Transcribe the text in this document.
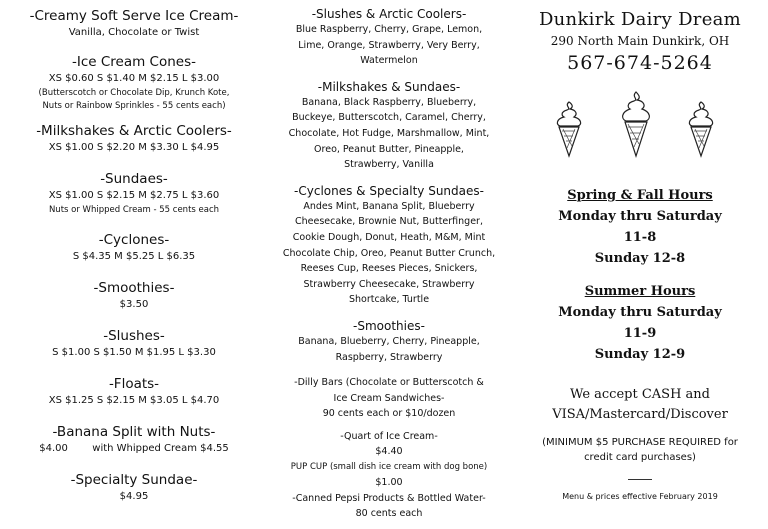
-Creamy Soft Serve Ice Cream-

Vanilla, Chocolate or Twist

-Ice Cream Cones-

XS $0.60 S $1.40 M $2.15 L $3.00

(Butterscotch or Chocolate Dip, Krunch Kote,

Nuts or Rainbow Sprinkles - 55 cents each)

-Milkshakes & Arctic Coolers-

XS $1.00 S $2.20 M $3.30 L $4.95

-Sundaes-

XS $1.00 S $2.15 M $2.75 L $3.60

Nuts or Whipped Cream - 55 cents each

-Cyclones-

S $4.35 M $5.25 L $6.35

-Smoothies-

$3.50

-Slushes-

S $1.00 S $1.50 M $1.95 L $3.30

-Floats-

XS $1.25 S $2.15 M $3.05 L $4.70

-Banana Split with Nuts-

$4.00 with Whipped Cream $4.55

-Specialty Sundae-

$4.95

-Slushes & Arctic Coolers-

Blue Raspberry, Cherry, Grape, Lemon,

Lime, Orange, Strawberry, Very Berry,

Watermelon

-Milkshakes & Sundaes-

Banana, Black Raspberry, Blueberry,

Buckeye, Butterscotch, Caramel, Cherry,

Chocolate, Hot Fudge, Marshmallow, Mint,

Oreo, Peanut Butter, Pineapple,

Strawberry, Vanilla

-Cyclones & Specialty Sundaes-

Andes Mint, Banana Split, Blueberry

Cheesecake, Brownie Nut, Butterfinger,

Cookie Dough, Donut, Heath, M&M, Mint

Chocolate Chip, Oreo, Peanut Butter Crunch,

Reeses Cup, Reeses Pieces, Snickers,

Strawberry Cheesecake, Strawberry

Shortcake, Turtle

-Smoothies-

Banana, Blueberry, Cherry, Pineapple,

Raspberry, Strawberry

-Dilly Bars (Chocolate or Butterscotch &

Ice Cream Sandwiches-

90 cents each or $10/dozen

-Quart of Ice Cream-

$4.40

PUP CUP (small dish ice cream with dog bone)

$1.00

-Canned Pepsi Products & Bottled Water-

80 cents each

Dunkirk Dairy Dream

290 North Main Dunkirk, OH

567-674-5264

Spring & Fall Hours

Monday thru Saturday

11-8

Sunday 12-8

Summer Hours

Monday thru Saturday

11-9

Sunday 12-9

We accept CASH and

VISA/Mastercard/Discover

(MINIMUM $5 PURCHASE REQUIRED for

credit card purchases)

Menu & prices effective February 2019
